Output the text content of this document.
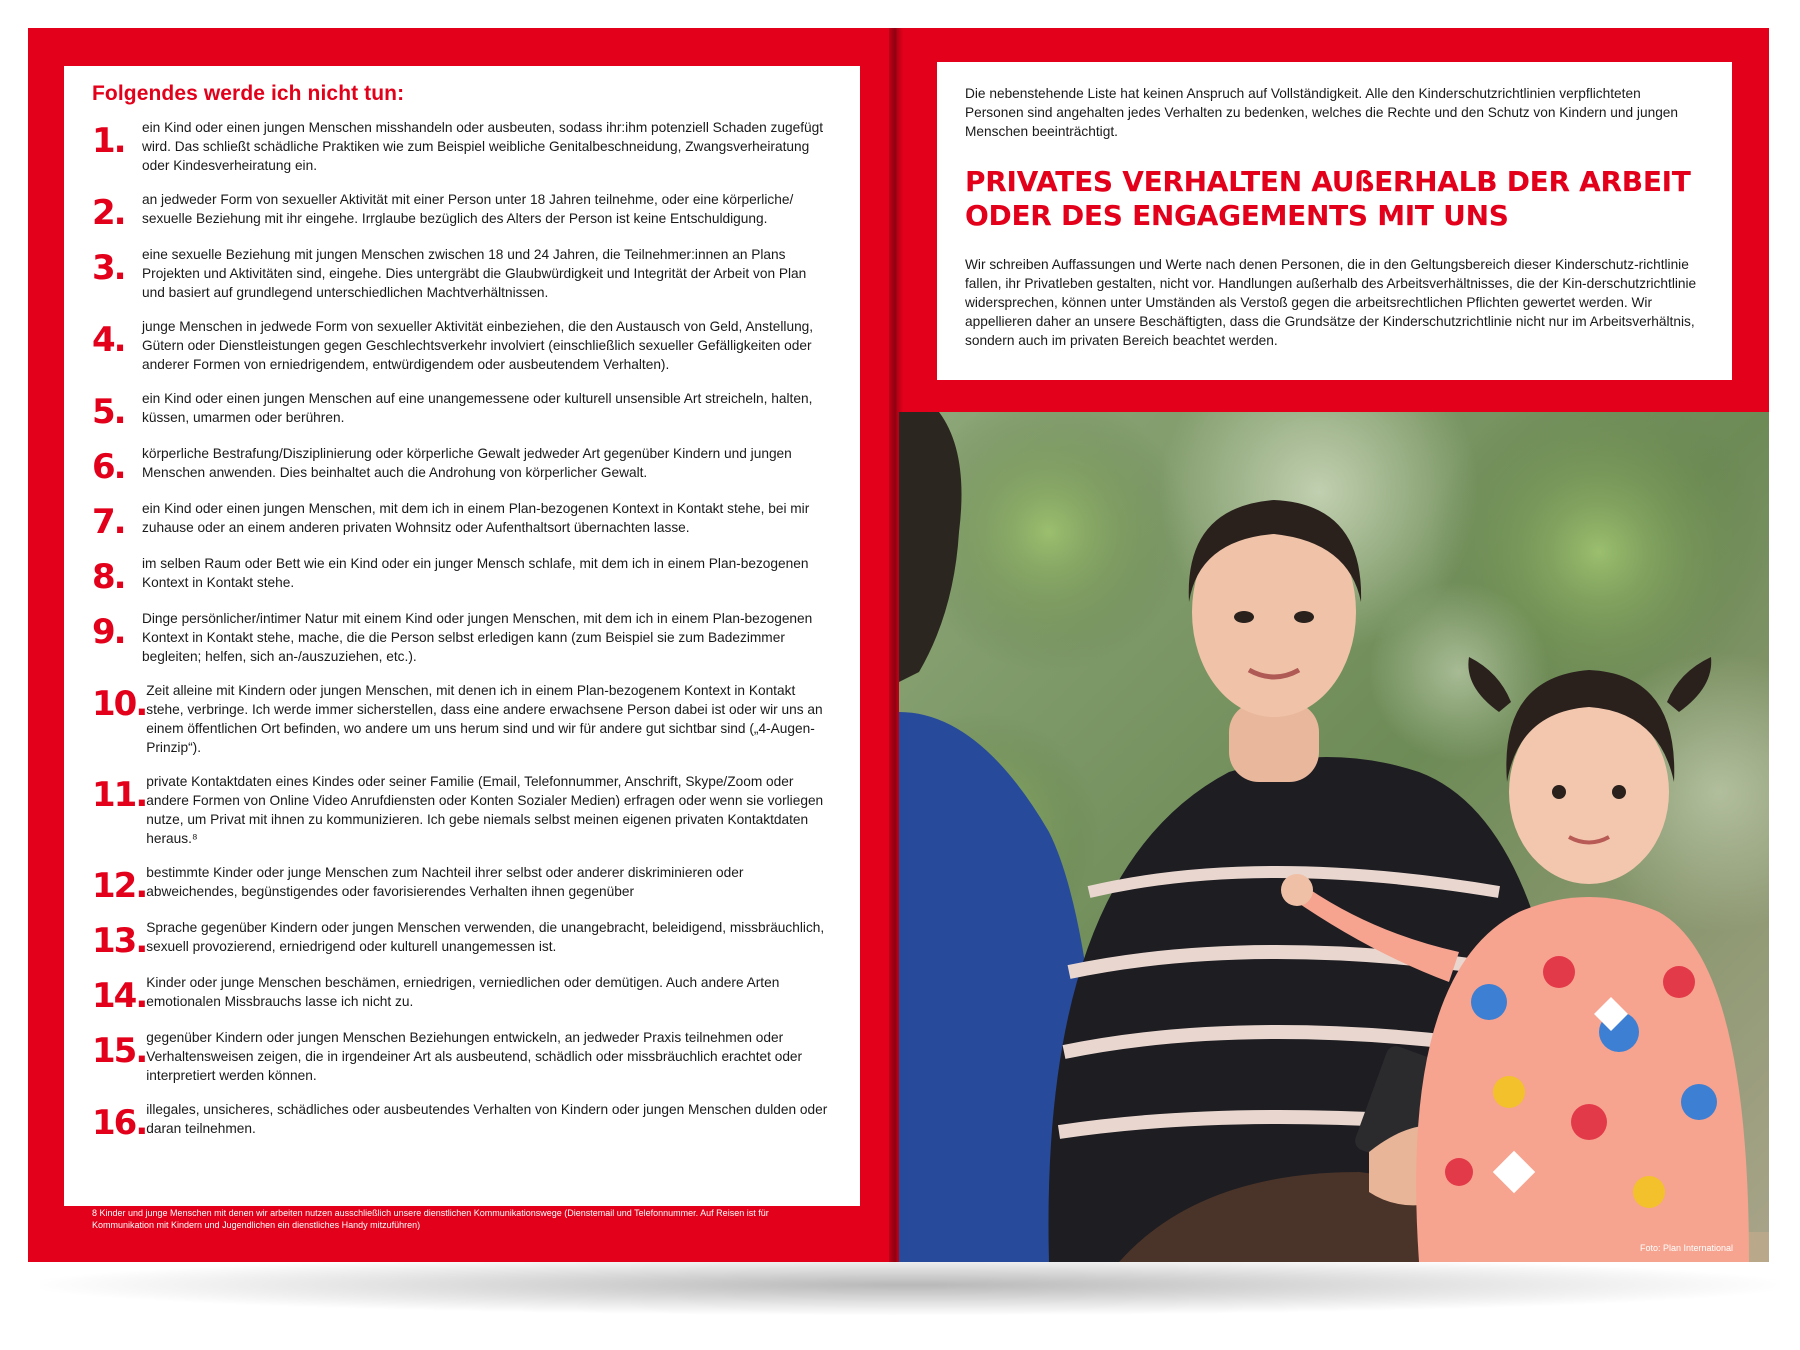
Folgendes werde ich nicht tun:
1.	ein Kind oder einen jungen Menschen misshandeln oder ausbeuten, sodass ihr:ihm potenziell Schaden zugefügt wird. Das schließt schädliche Praktiken wie zum Beispiel weibliche Genitalbeschneidung, Zwangsverheiratung oder Kindesverheiratung ein.
2.	an jedweder Form von sexueller Aktivität mit einer Person unter 18 Jahren teilnehme, oder eine körperliche/ sexuelle Beziehung mit ihr eingehe. Irrglaube bezüglich des Alters der Person ist keine Entschuldigung.
3.	eine sexuelle Beziehung mit jungen Menschen zwischen 18 und 24 Jahren, die Teilnehmer:innen an Plans Projekten und Aktivitäten sind, eingehe. Dies untergräbt die Glaubwürdigkeit und Integrität der Arbeit von Plan und basiert auf grundlegend unterschiedlichen Machtverhältnissen.
4.	junge Menschen in jedwede Form von sexueller Aktivität einbeziehen, die den Austausch von Geld, Anstellung, Gütern oder Dienstleistungen gegen Geschlechtsverkehr involviert (einschließlich sexueller Gefälligkeiten oder anderer Formen von erniedrigendem, entwürdigendem oder ausbeutendem Verhalten).
5.	ein Kind oder einen jungen Menschen auf eine unangemessene oder kulturell unsensible Art streicheln, halten, küssen, umarmen oder berühren.
6.	körperliche Bestrafung/Disziplinierung oder körperliche Gewalt jedweder Art gegenüber Kindern und jungen Menschen anwenden. Dies beinhaltet auch die Androhung von körperlicher Gewalt.
7.	ein Kind oder einen jungen Menschen, mit dem ich in einem Plan-bezogenen Kontext in Kontakt stehe, bei mir zuhause oder an einem anderen privaten Wohnsitz oder Aufenthaltsort übernachten lasse.
8.	im selben Raum oder Bett wie ein Kind oder ein junger Mensch schlafe, mit dem ich in einem Plan-bezogenen Kontext in Kontakt stehe.
9.	Dinge persönlicher/intimer Natur mit einem Kind oder jungen Menschen, mit dem ich in einem Plan-bezogenen Kontext in Kontakt stehe, mache, die die Person selbst erledigen kann (zum Beispiel sie zum Badezimmer begleiten; helfen, sich an-/auszuziehen, etc.).
10. Zeit alleine mit Kindern oder jungen Menschen, mit denen ich in einem Plan-bezogenem Kontext in Kontakt stehe, verbringe. Ich werde immer sicherstellen, dass eine andere erwachsene Person dabei ist oder wir uns an einem öffentlichen Ort befinden, wo andere um uns herum sind und wir für andere gut sichtbar sind („4-Augen-Prinzip“).
11. private Kontaktdaten eines Kindes oder seiner Familie (Email, Telefonnummer, Anschrift, Skype/Zoom oder andere Formen von Online Video Anrufdiensten oder Konten Sozialer Medien) erfragen oder wenn sie vorliegen nutze, um Privat mit ihnen zu kommunizieren. Ich gebe niemals selbst meinen eigenen privaten Kontaktdaten heraus.⁸
12. bestimmte Kinder oder junge Menschen zum Nachteil ihrer selbst oder anderer diskriminieren oder abweichendes, begünstigendes oder favorisierendes Verhalten ihnen gegenüber
13. Sprache gegenüber Kindern oder jungen Menschen verwenden, die unangebracht, beleidigend, missbräuchlich, sexuell provozierend, erniedrigend oder kulturell unangemessen ist.
14. Kinder oder junge Menschen beschämen, erniedrigen, verniedlichen oder demütigen. Auch andere Arten emotionalen Missbrauchs lasse ich nicht zu.
15. gegenüber Kindern oder jungen Menschen Beziehungen entwickeln, an jedweder Praxis teilnehmen oder Verhaltensweisen zeigen, die in irgendeiner Art als ausbeutend, schädlich oder missbräuchlich erachtet oder interpretiert werden können.
16. illegales, unsicheres, schädliches oder ausbeutendes Verhalten von Kindern oder jungen Menschen dulden oder daran teilnehmen.
8 Kinder und junge Menschen mit denen wir arbeiten nutzen ausschließlich unsere dienstlichen Kommunikationswege (Dienstemail und Telefonnummer. Auf Reisen ist für Kommunikation mit Kindern und Jugendlichen ein dienstliches Handy mitzuführen)

Die nebenstehende Liste hat keinen Anspruch auf Vollständigkeit. Alle den Kinderschutzrichtlinien verpflichteten Personen sind angehalten jedes Verhalten zu bedenken, welches die Rechte und den Schutz von Kindern und jungen Menschen beeinträchtigt.

PRIVATES VERHALTEN AUßERHALB DER ARBEIT
ODER DES ENGAGEMENTS MIT UNS

Wir schreiben Auffassungen und Werte nach denen Personen, die in den Geltungsbereich dieser Kinderschutz-richtlinie fallen, ihr Privatleben gestalten, nicht vor. Handlungen außerhalb des Arbeitsverhältnisses, die der Kin-derschutzrichtlinie widersprechen, können unter Umständen als Verstoß gegen die arbeitsrechtlichen Pflichten gewertet werden. Wir appellieren daher an unsere Beschäftigten, dass die Grundsätze der Kinderschutzrichtlinie nicht nur im Arbeitsverhältnis, sondern auch im privaten Bereich beachtet werden.

Foto: Plan International
